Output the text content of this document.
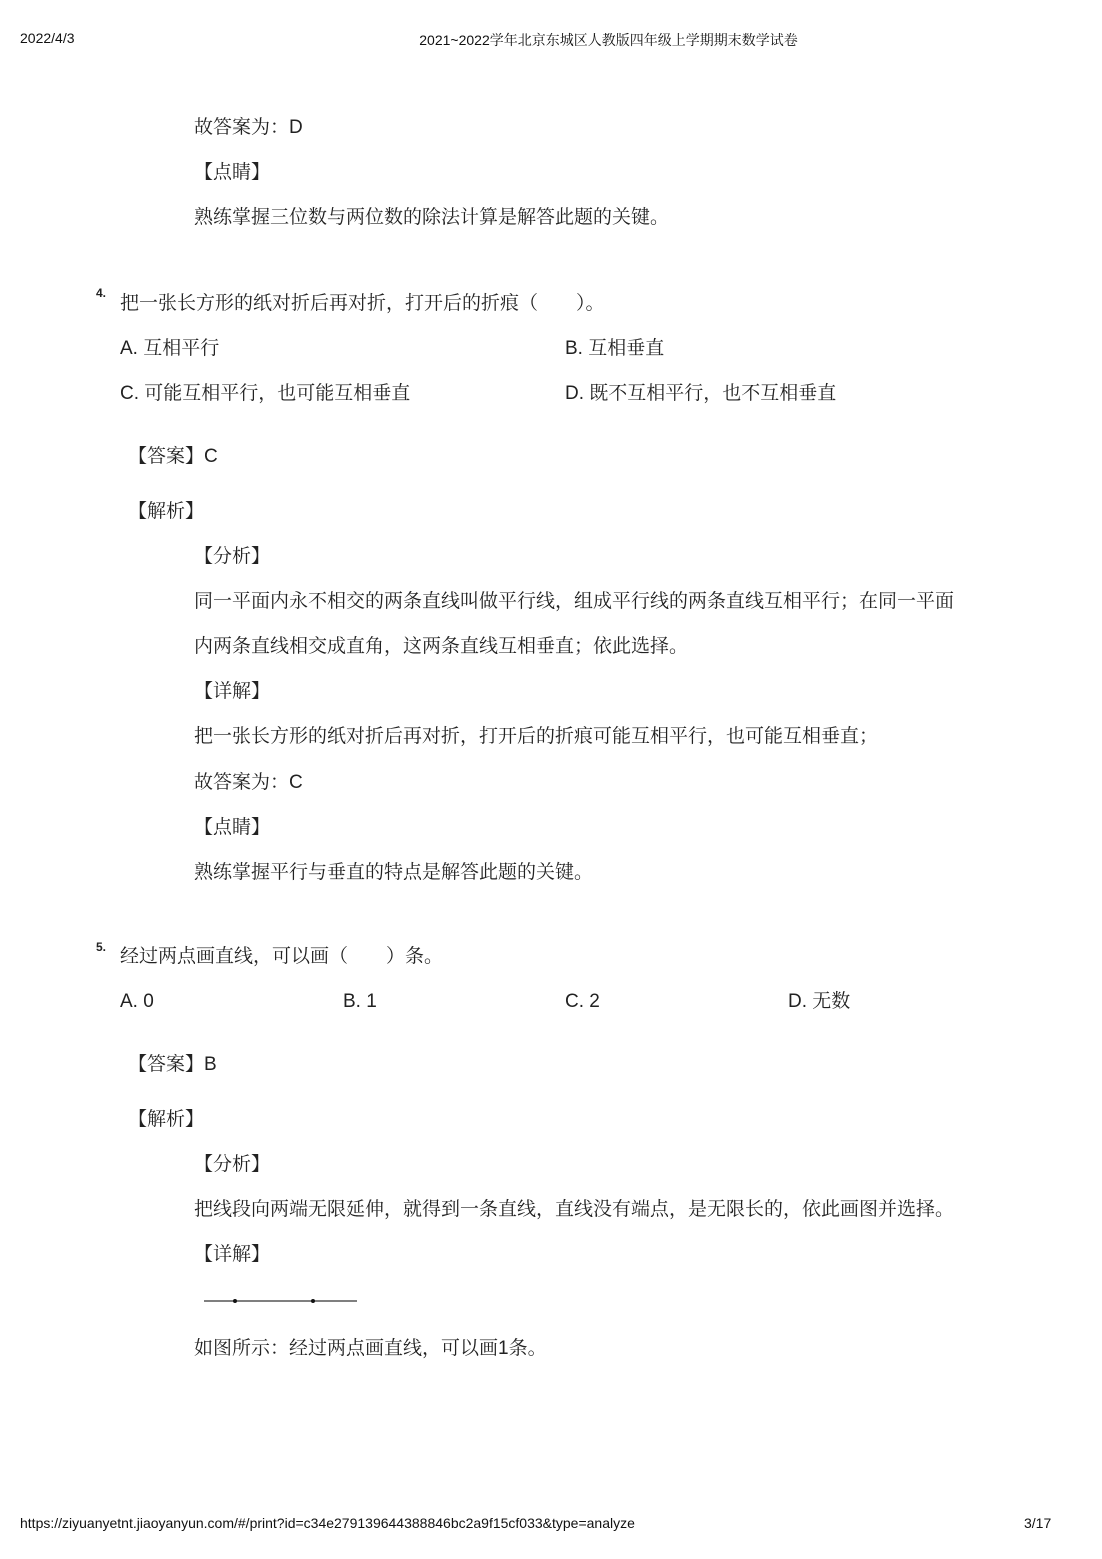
2022/4/3	2021~2022学年北京东城区人教版四年级上学期期末数学试卷
故答案为：D
【点睛】
熟练掌握三位数与两位数的除法计算是解答此题的关键。
4. 把一张长方形的纸对折后再对折，打开后的折痕（　　）。
A. 互相平行	B. 互相垂直
C. 可能互相平行，也可能互相垂直	D. 既不互相平行，也不互相垂直
【答案】C
【解析】
【分析】
同一平面内永不相交的两条直线叫做平行线，组成平行线的两条直线互相平行；在同一平面
内两条直线相交成直角，这两条直线互相垂直；依此选择。
【详解】
把一张长方形的纸对折后再对折，打开后的折痕可能互相平行，也可能互相垂直；
故答案为：C
【点睛】
熟练掌握平行与垂直的特点是解答此题的关键。
5. 经过两点画直线，可以画（　　）条。
A. 0	B. 1	C. 2	D. 无数
【答案】B
【解析】
【分析】
把线段向两端无限延伸，就得到一条直线，直线没有端点，是无限长的，依此画图并选择。
【详解】
如图所示：经过两点画直线，可以画1条。
https://ziyuanyetnt.jiaoyanyun.com/#/print?id=c34e279139644388846bc2a9f15cf033&type=analyze	3/17
